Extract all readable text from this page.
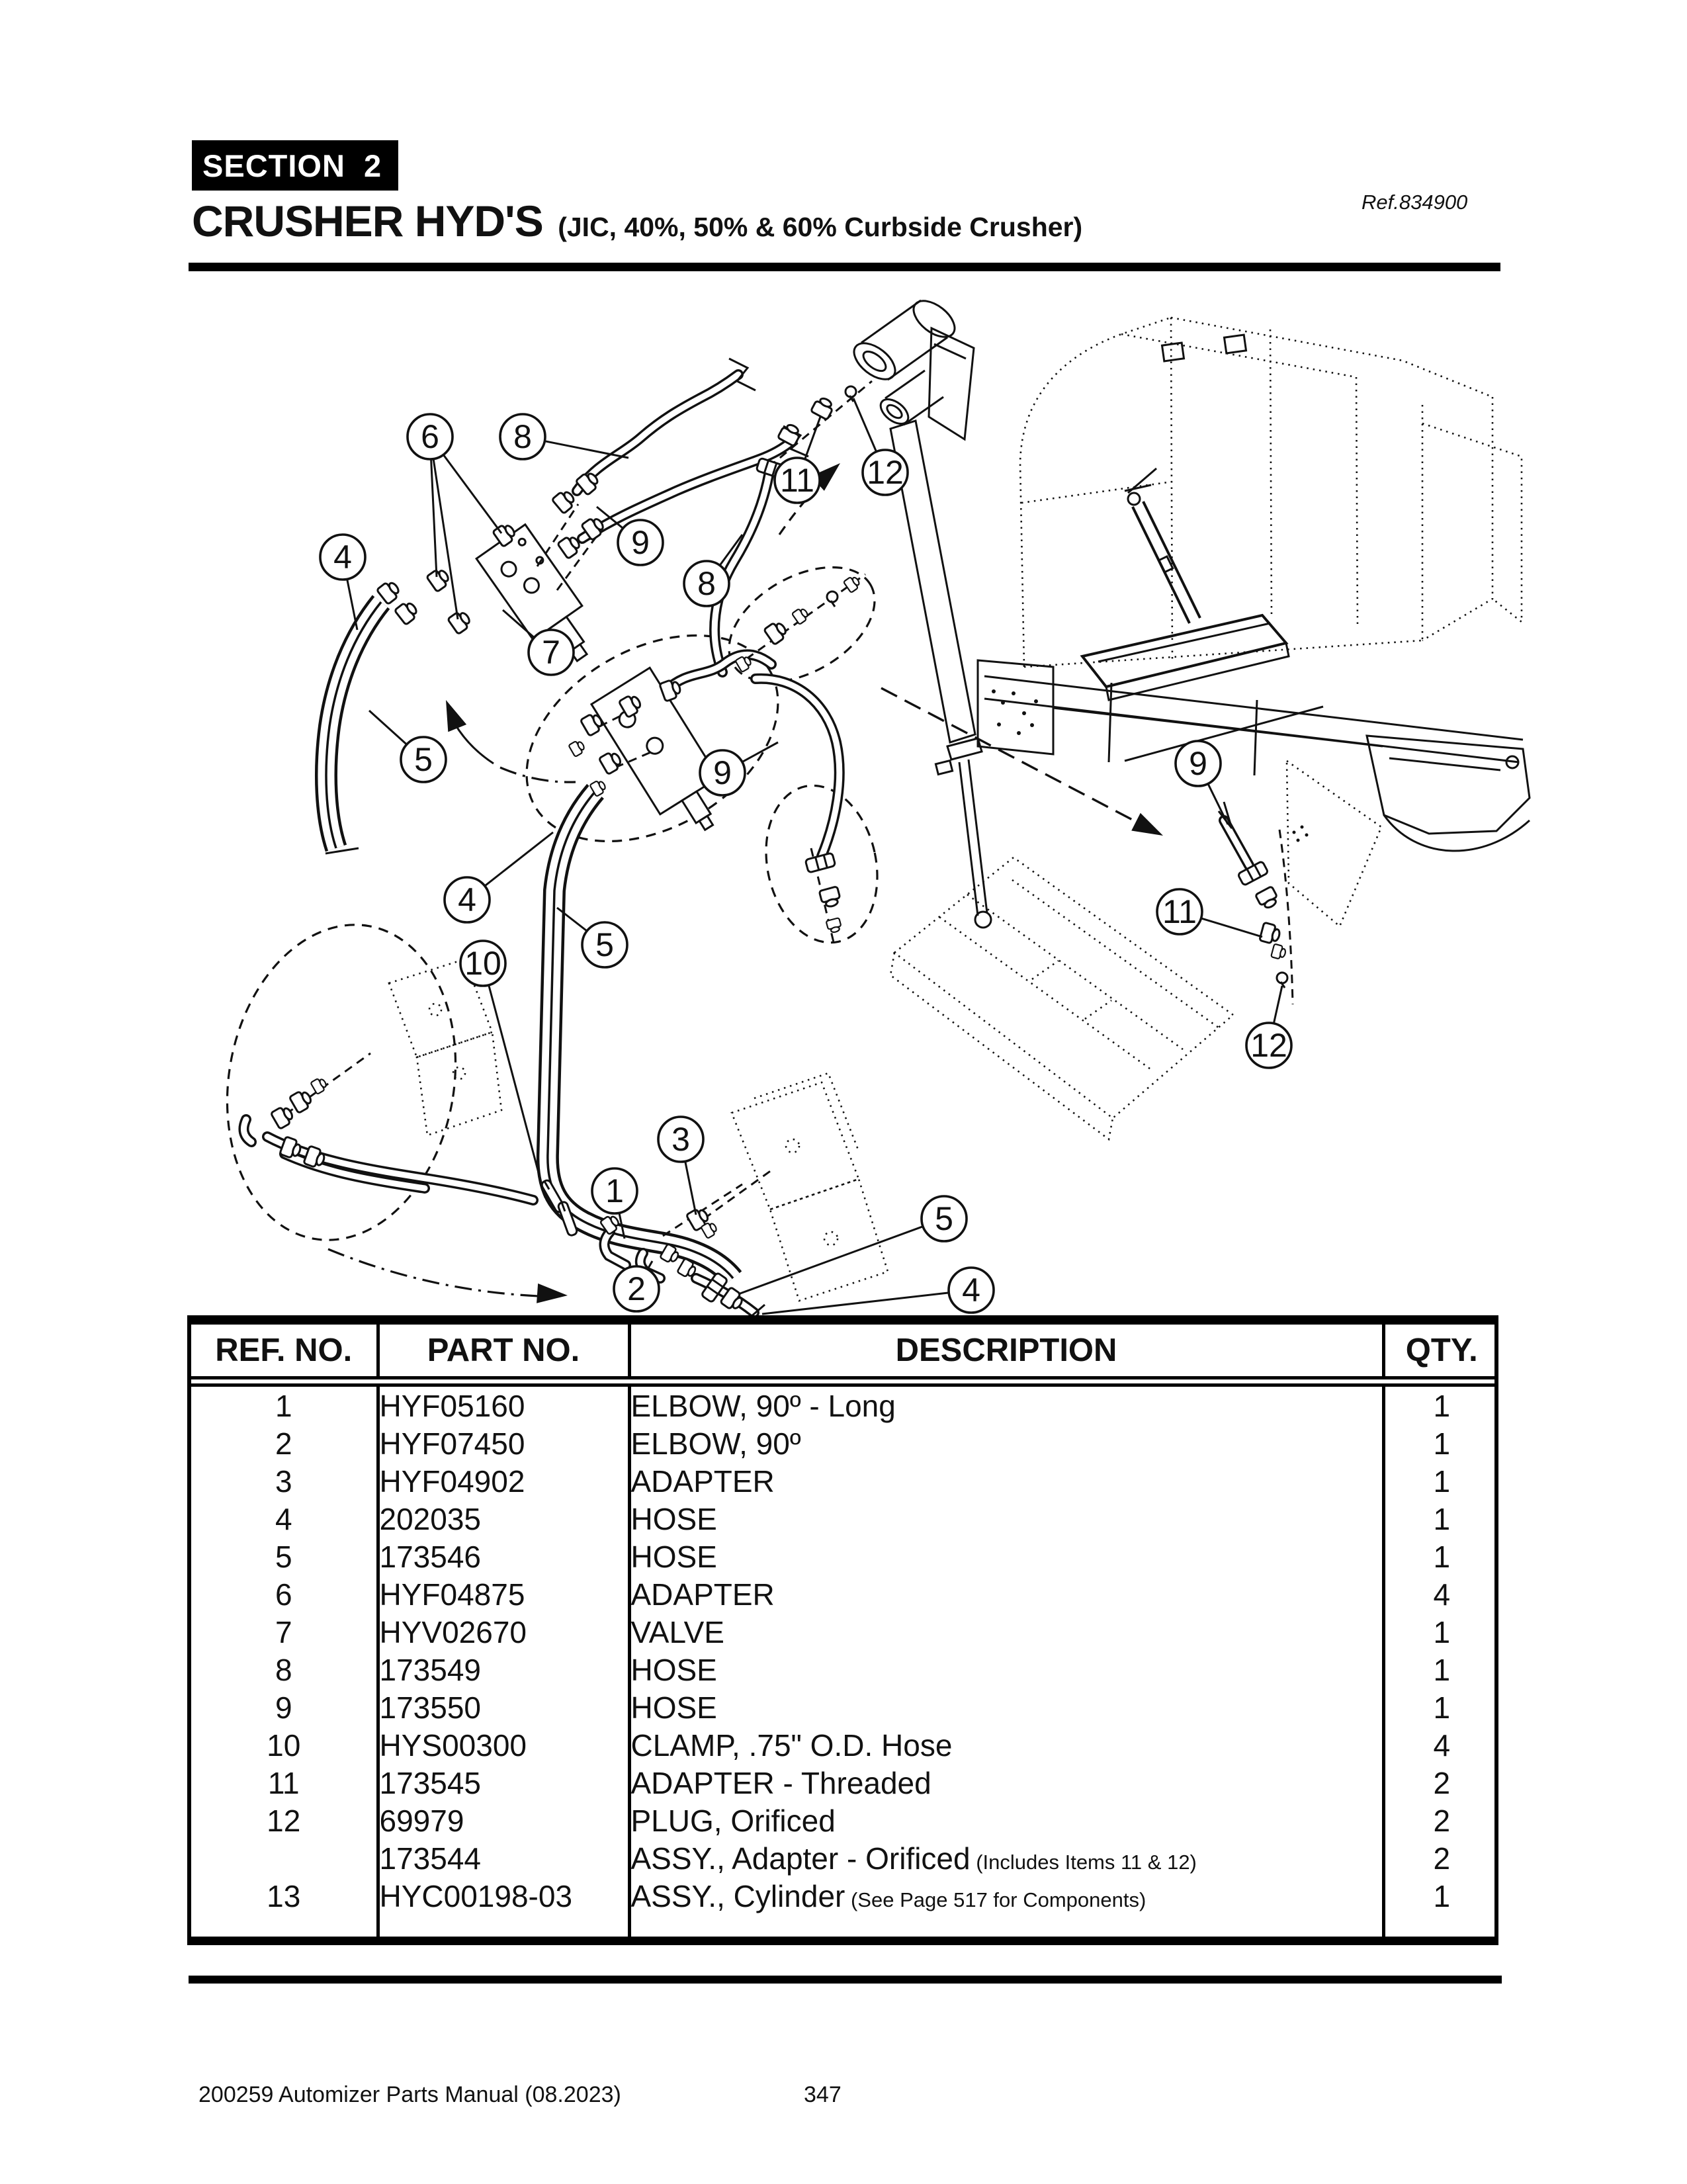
SECTION  2
CRUSHER HYD'S (JIC, 40%, 50% & 60% Curbside Crusher)
Ref.834900
6 8
4	9
7
5
8
11 12
9
4
5
10
1
3
2
5
4
9
11
12
REF. NO.	PART NO.	DESCRIPTION	QTY.
1	HYF05160	ELBOW, 90º - Long	1
2	HYF07450	ELBOW, 90º	1
3	HYF04902	ADAPTER	1
4	202035	HOSE	1
5	173546	HOSE	1
6	HYF04875	ADAPTER	4
7	HYV02670	VALVE	1
8	173549	HOSE	1
9	173550	HOSE	1
10	HYS00300	CLAMP, .75" O.D. Hose	4
11	173545	ADAPTER - Threaded	2
12	69979	PLUG, Orificed	2
	173544	ASSY., Adapter - Orificed (Includes Items 11 & 12)	2
13	HYC00198-03	ASSY., Cylinder (See Page 517 for Components)	1

200259 Automizer Parts Manual (08.2023)	347
